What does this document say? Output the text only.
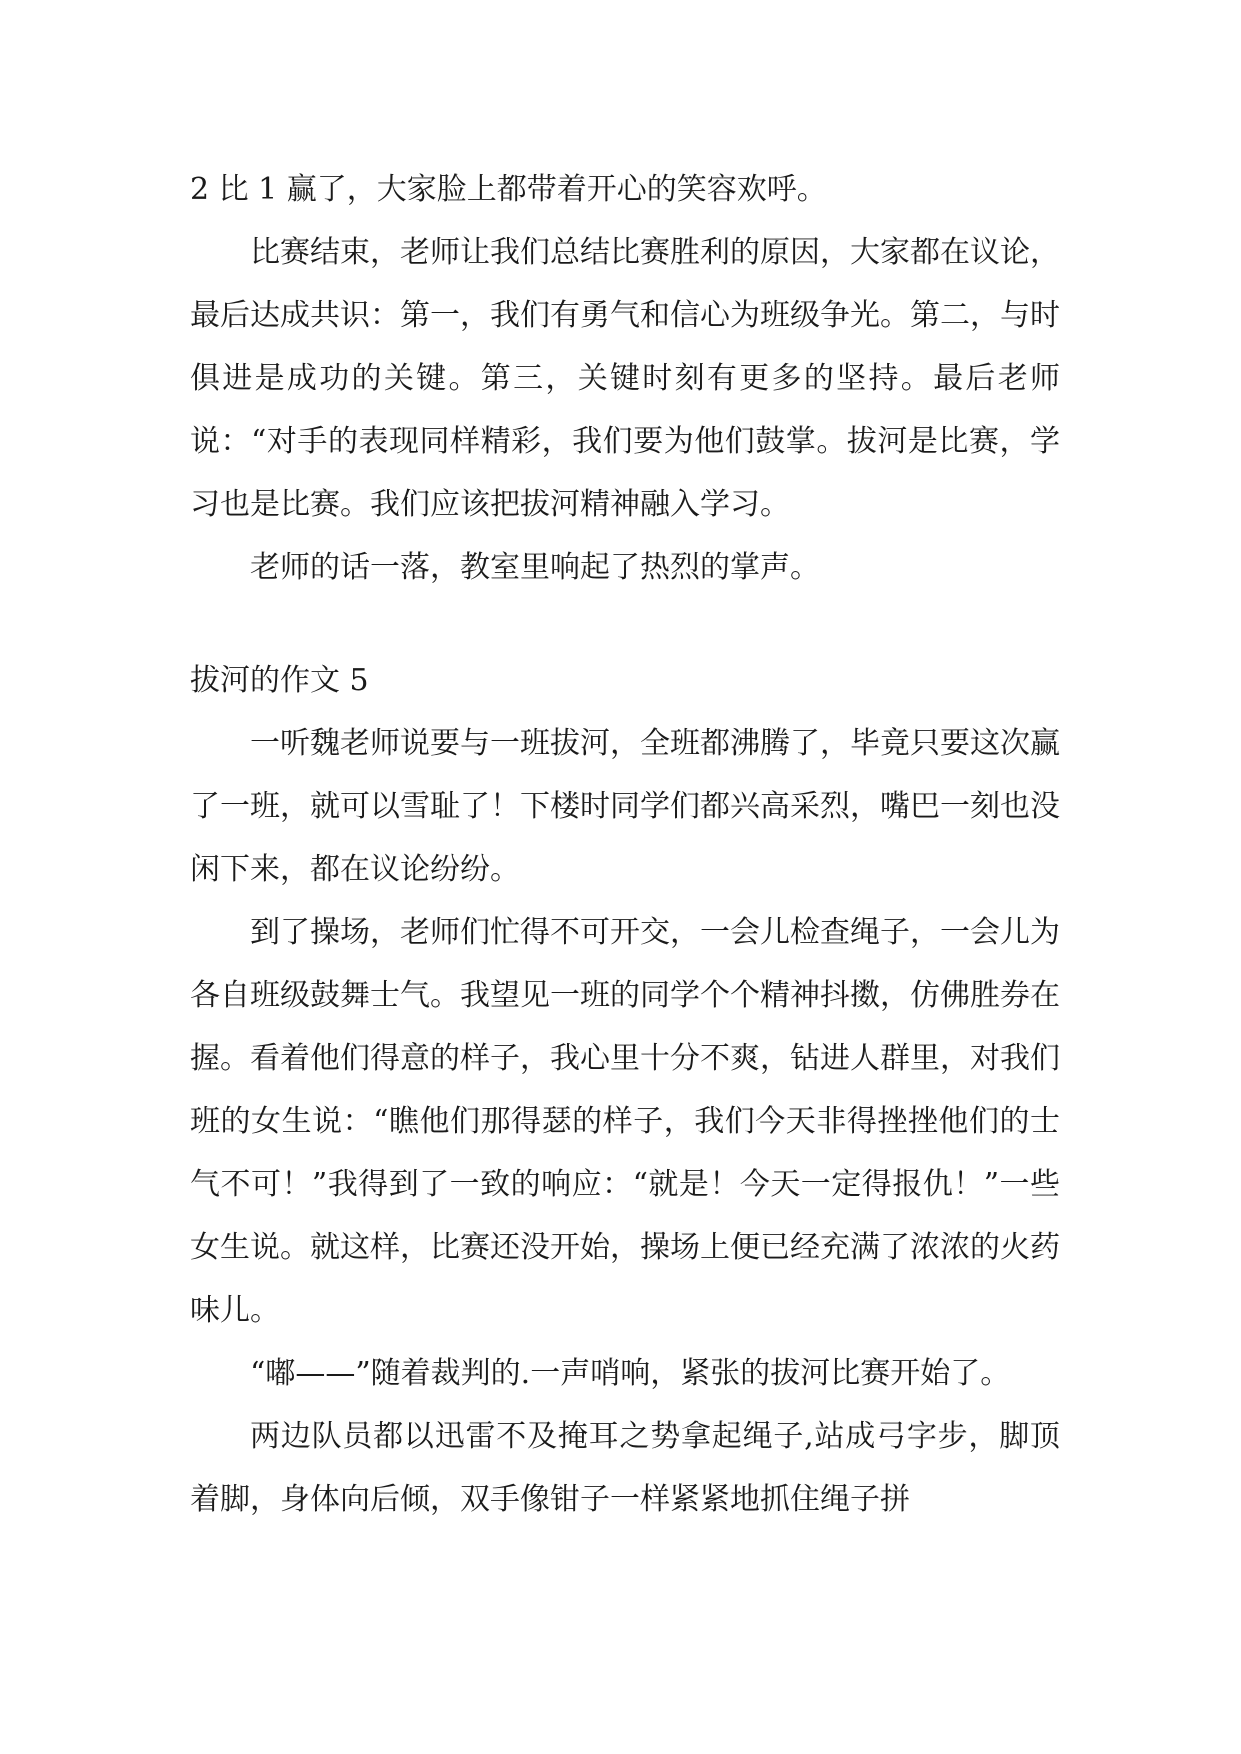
2 比 1 赢了，大家脸上都带着开心的笑容欢呼。

比赛结束，老师让我们总结比赛胜利的原因，大家都在议论，最后达成共识：第一，我们有勇气和信心为班级争光。第二，与时俱进是成功的关键。第三，关键时刻有更多的坚持。最后老师说：“对手的表现同样精彩，我们要为他们鼓掌。拔河是比赛，学习也是比赛。我们应该把拔河精神融入学习。

老师的话一落，教室里响起了热烈的掌声。

拔河的作文 5

一听魏老师说要与一班拔河，全班都沸腾了，毕竟只要这次赢了一班，就可以雪耻了！下楼时同学们都兴高采烈，嘴巴一刻也没闲下来，都在议论纷纷。

到了操场，老师们忙得不可开交，一会儿检查绳子，一会儿为各自班级鼓舞士气。我望见一班的同学个个精神抖擞，仿佛胜券在握。看着他们得意的样子，我心里十分不爽，钻进人群里，对我们班的女生说：“瞧他们那得瑟的样子，我们今天非得挫挫他们的士气不可！”我得到了一致的响应：“就是！今天一定得报仇！”一些女生说。就这样，比赛还没开始，操场上便已经充满了浓浓的火药味儿。

“嘟——”随着裁判的.一声哨响，紧张的拔河比赛开始了。

两边队员都以迅雷不及掩耳之势拿起绳子,站成弓字步，脚顶着脚，身体向后倾，双手像钳子一样紧紧地抓住绳子拼
